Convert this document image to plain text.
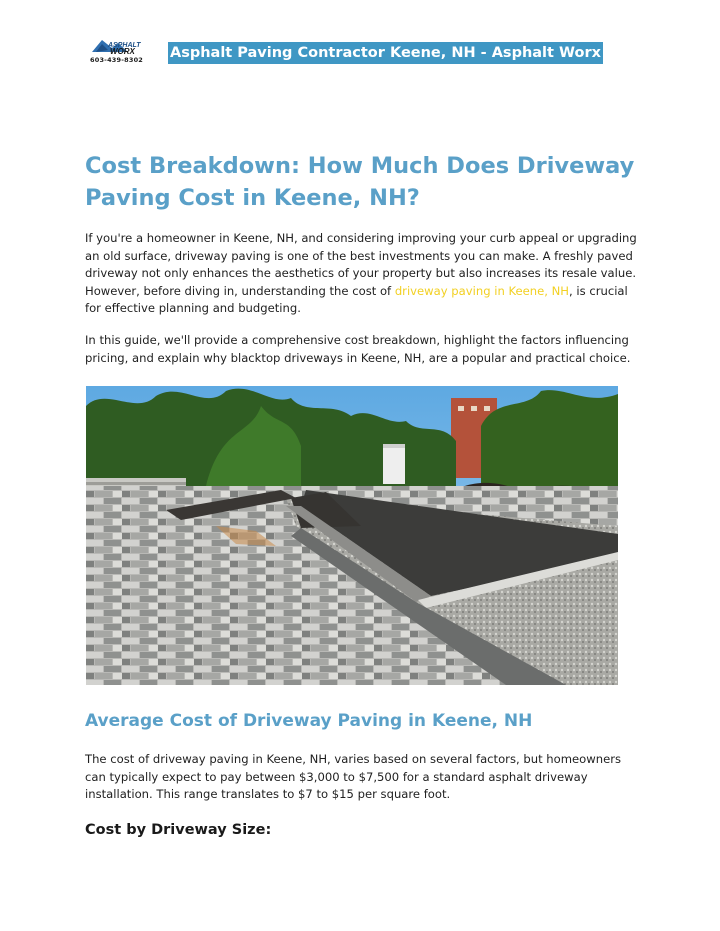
ASPHALT
WORX
603-439-8302	Asphalt Paving Contractor Keene, NH - Asphalt Worx
Cost Breakdown: How Much Does Driveway Paving Cost in Keene, NH?

If you're a homeowner in Keene, NH, and considering improving your curb appeal or upgrading an old surface, driveway paving is one of the best investments you can make. A freshly paved driveway not only enhances the aesthetics of your property but also increases its resale value. However, before diving in, understanding the cost of driveway paving in Keene, NH, is crucial for effective planning and budgeting.

In this guide, we'll provide a comprehensive cost breakdown, highlight the factors influencing pricing, and explain why blacktop driveways in Keene, NH, are a popular and practical choice.

Average Cost of Driveway Paving in Keene, NH

The cost of driveway paving in Keene, NH, varies based on several factors, but homeowners can typically expect to pay between $3,000 to $7,500 for a standard asphalt driveway installation. This range translates to $7 to $15 per square foot.

Cost by Driveway Size:
